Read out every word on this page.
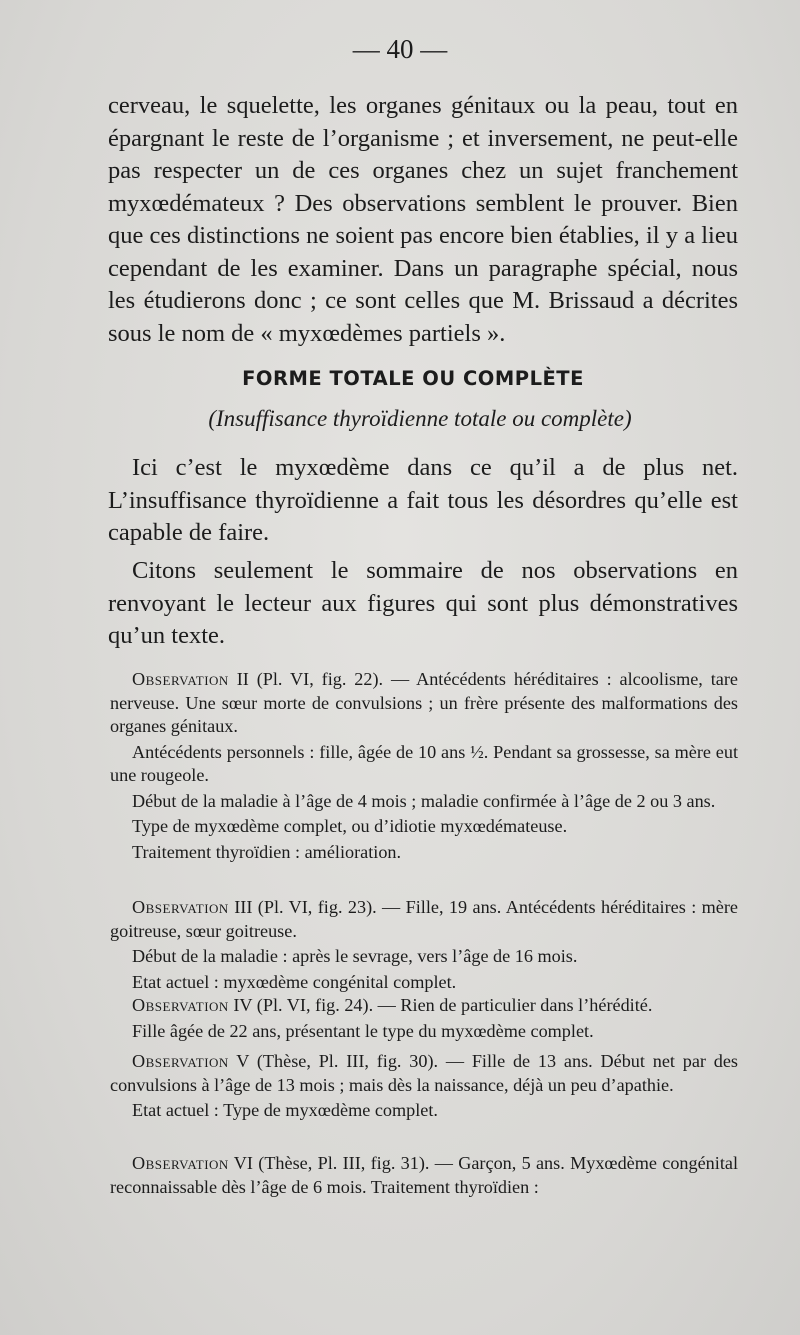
— 40 —

cerveau, le squelette, les organes génitaux ou la peau, tout en épargnant le reste de l’organisme ; et inversement, ne peut-elle pas respecter un de ces organes chez un sujet franchement myxœdémateux ? Des observations semblent le prouver. Bien que ces distinctions ne soient pas encore bien établies, il y a lieu cependant de les examiner. Dans un paragraphe spécial, nous les étudierons donc ; ce sont celles que M. Brissaud a décrites sous le nom de « myxœdèmes partiels ».

FORME TOTALE OU COMPLÈTE
(Insuffisance thyroïdienne totale ou complète)

Ici c’est le myxœdème dans ce qu’il a de plus net. L’insuffisance thyroïdienne a fait tous les désordres qu’elle est capable de faire.

Citons seulement le sommaire de nos observations en renvoyant le lecteur aux figures qui sont plus démonstratives qu’un texte.

Observation II (Pl. VI, fig. 22). — Antécédents héréditaires : alcoolisme, tare nerveuse. Une sœur morte de convulsions ; un frère présente des malformations des organes génitaux.

Antécédents personnels : fille, âgée de 10 ans ½. Pendant sa grossesse, sa mère eut une rougeole.

Début de la maladie à l’âge de 4 mois ; maladie confirmée à l’âge de 2 ou 3 ans.

Type de myxœdème complet, ou d’idiotie myxœdémateuse.

Traitement thyroïdien : amélioration.

Observation III (Pl. VI, fig. 23). — Fille, 19 ans. Antécédents héréditaires : mère goitreuse, sœur goitreuse.

Début de la maladie : après le sevrage, vers l’âge de 16 mois.

Etat actuel : myxœdème congénital complet.

Observation IV (Pl. VI, fig. 24). — Rien de particulier dans l’hérédité.

Fille âgée de 22 ans, présentant le type du myxœdème complet.

Observation V (Thèse, Pl. III, fig. 30). — Fille de 13 ans. Début net par des convulsions à l’âge de 13 mois ; mais dès la naissance, déjà un peu d’apathie.

Etat actuel : Type de myxœdème complet.

Observation VI (Thèse, Pl. III, fig. 31). — Garçon, 5 ans. Myxœdème congénital reconnaissable dès l’âge de 6 mois. Traitement thyroïdien :
